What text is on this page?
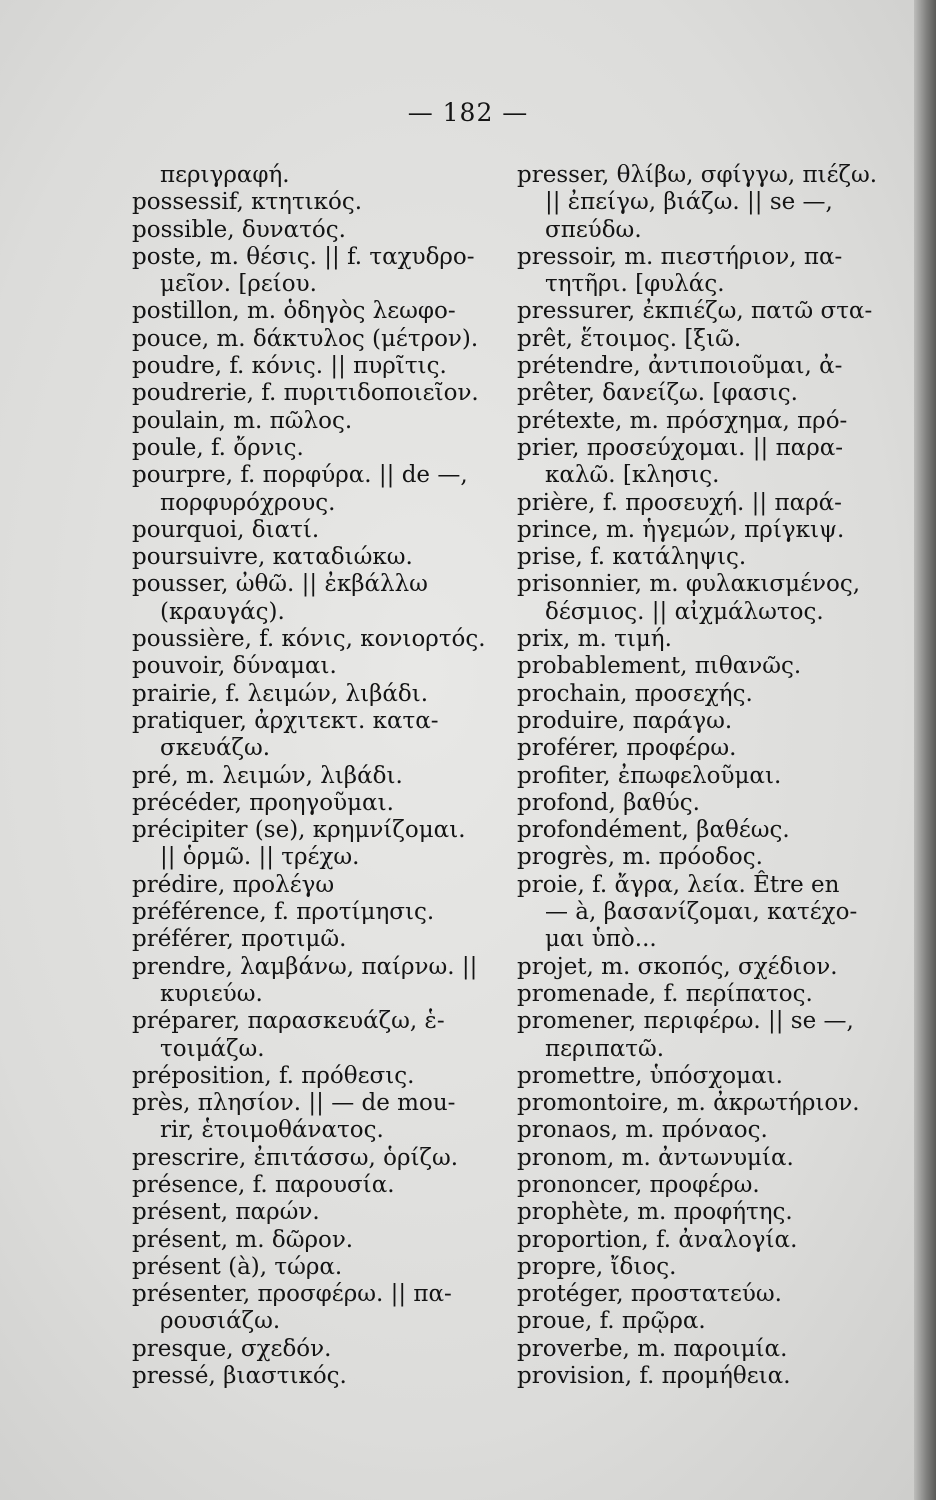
— 182 —
περιγραφή.
possessif, κτητικός.
possible, δυνατός.
poste, m. θέσις. || f. ταχυδρο-
μεῖον. [ρείου.
postillon, m. ὁδηγὸς λεωφο-
pouce, m. δάκτυλος (μέτρον).
poudre, f. κόνις. || πυρῖτις.
poudrerie, f. πυριτιδοποιεῖον.
poulain, m. πῶλος.
poule, f. ὄρνις.
pourpre, f. πορφύρα. || de —,
πορφυρόχρους.
pourquoi, διατί.
poursuivre, καταδιώκω.
pousser, ὠθῶ. || ἐκβάλλω
(κραυγάς).
poussière, f. κόνις, κονιορτός.
pouvoir, δύναμαι.
prairie, f. λειμών, λιβάδι.
pratiquer, ἀρχιτεκτ. κατα-
σκευάζω.
pré, m. λειμών, λιβάδι.
précéder, προηγοῦμαι.
précipiter (se), κρημνίζομαι.
|| ὁρμῶ. || τρέχω.
prédire, προλέγω
préférence, f. προτίμησις.
préférer, προτιμῶ.
prendre, λαμβάνω, παίρνω. ||
κυριεύω.
préparer, παρασκευάζω, ἑ-
τοιμάζω.
préposition, f. πρόθεσις.
près, πλησίον. || — de mou-
rir, ἑτοιμοθάνατος.
prescrire, ἐπιτάσσω, ὁρίζω.
présence, f. παρουσία.
présent, παρών.
présent, m. δῶρον.
présent (à), τώρα.
présenter, προσφέρω. || πα-
ρουσιάζω.
presque, σχεδόν.
pressé, βιαστικός.
presser, θλίβω, σφίγγω, πιέζω.
|| ἐπείγω, βιάζω. || se —,
σπεύδω.
pressoir, m. πιεστήριον, πα-
τητῆρι. [φυλάς.
pressurer, ἐκπιέζω, πατῶ στα-
prêt, ἕτοιμος. [ξιῶ.
prétendre, ἀντιποιοῦμαι, ἀ-
prêter, δανείζω. [φασις.
prétexte, m. πρόσχημα, πρό-
prier, προσεύχομαι. || παρα-
καλῶ. [κλησις.
prière, f. προσευχή. || παρά-
prince, m. ἡγεμών, πρίγκιψ.
prise, f. κατάληψις.
prisonnier, m. φυλακισμένος,
δέσμιος. || αἰχμάλωτος.
prix, m. τιμή.
probablement, πιθανῶς.
prochain, προσεχής.
produire, παράγω.
proférer, προφέρω.
profiter, ἐπωφελοῦμαι.
profond, βαθύς.
profondément, βαθέως.
progrès, m. πρόοδος.
proie, f. ἄγρα, λεία. Être en
— à, βασανίζομαι, κατέχο-
μαι ὑπὸ...
projet, m. σκοπός, σχέδιον.
promenade, f. περίπατος.
promener, περιφέρω. || se —,
περιπατῶ.
promettre, ὑπόσχομαι.
promontoire, m. ἀκρωτήριον.
pronaos, m. πρόναος.
pronom, m. ἀντωνυμία.
prononcer, προφέρω.
prophète, m. προφήτης.
proportion, f. ἀναλογία.
propre, ἴδιος.
protéger, προστατεύω.
proue, f. πρῷρα.
proverbe, m. παροιμία.
provision, f. προμήθεια.
